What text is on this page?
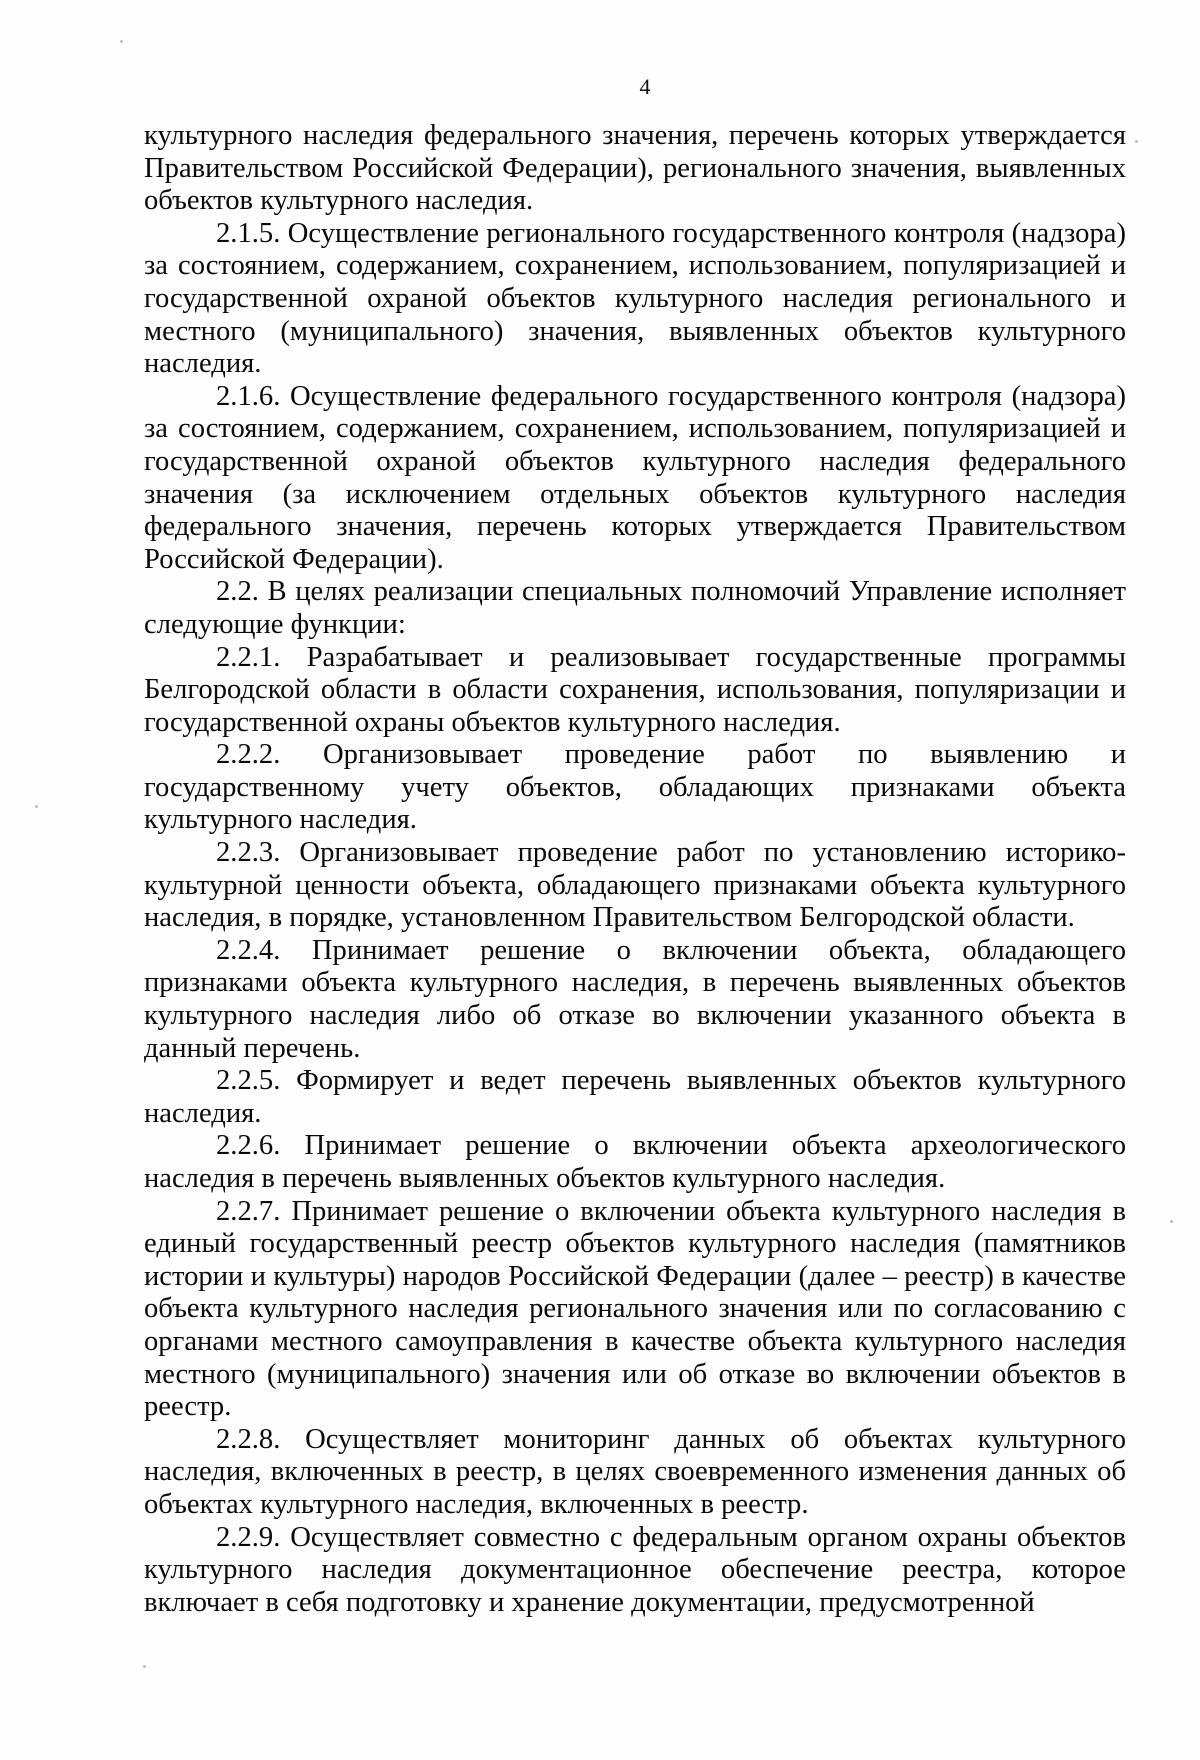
4

культурного наследия федерального значения, перечень которых утверждается Правительством Российской Федерации), регионального значения, выявленных объектов культурного наследия.

2.1.5. Осуществление регионального государственного контроля (надзора) за состоянием, содержанием, сохранением, использованием, популяризацией и государственной охраной объектов культурного наследия регионального и местного (муниципального) значения, выявленных объектов культурного наследия.

2.1.6. Осуществление федерального государственного контроля (надзора) за состоянием, содержанием, сохранением, использованием, популяризацией и государственной охраной объектов культурного наследия федерального значения (за исключением отдельных объектов культурного наследия федерального значения, перечень которых утверждается Правительством Российской Федерации).

2.2. В целях реализации специальных полномочий Управление исполняет следующие функции:

2.2.1. Разрабатывает и реализовывает государственные программы Белгородской области в области сохранения, использования, популяризации и государственной охраны объектов культурного наследия.

2.2.2. Организовывает проведение работ по выявлению и государственному учету объектов, обладающих признаками объекта культурного наследия.

2.2.3. Организовывает проведение работ по установлению историко-культурной ценности объекта, обладающего признаками объекта культурного наследия, в порядке, установленном Правительством Белгородской области.

2.2.4. Принимает решение о включении объекта, обладающего признаками объекта культурного наследия, в перечень выявленных объектов культурного наследия либо об отказе во включении указанного объекта в данный перечень.

2.2.5. Формирует и ведет перечень выявленных объектов культурного наследия.

2.2.6. Принимает решение о включении объекта археологического наследия в перечень выявленных объектов культурного наследия.

2.2.7. Принимает решение о включении объекта культурного наследия в единый государственный реестр объектов культурного наследия (памятников истории и культуры) народов Российской Федерации (далее – реестр) в качестве объекта культурного наследия регионального значения или по согласованию с органами местного самоуправления в качестве объекта культурного наследия местного (муниципального) значения или об отказе во включении объектов в реестр.

2.2.8. Осуществляет мониторинг данных об объектах культурного наследия, включенных в реестр, в целях своевременного изменения данных об объектах культурного наследия, включенных в реестр.

2.2.9. Осуществляет совместно с федеральным органом охраны объектов культурного наследия документационное обеспечение реестра, которое включает в себя подготовку и хранение документации, предусмотренной
